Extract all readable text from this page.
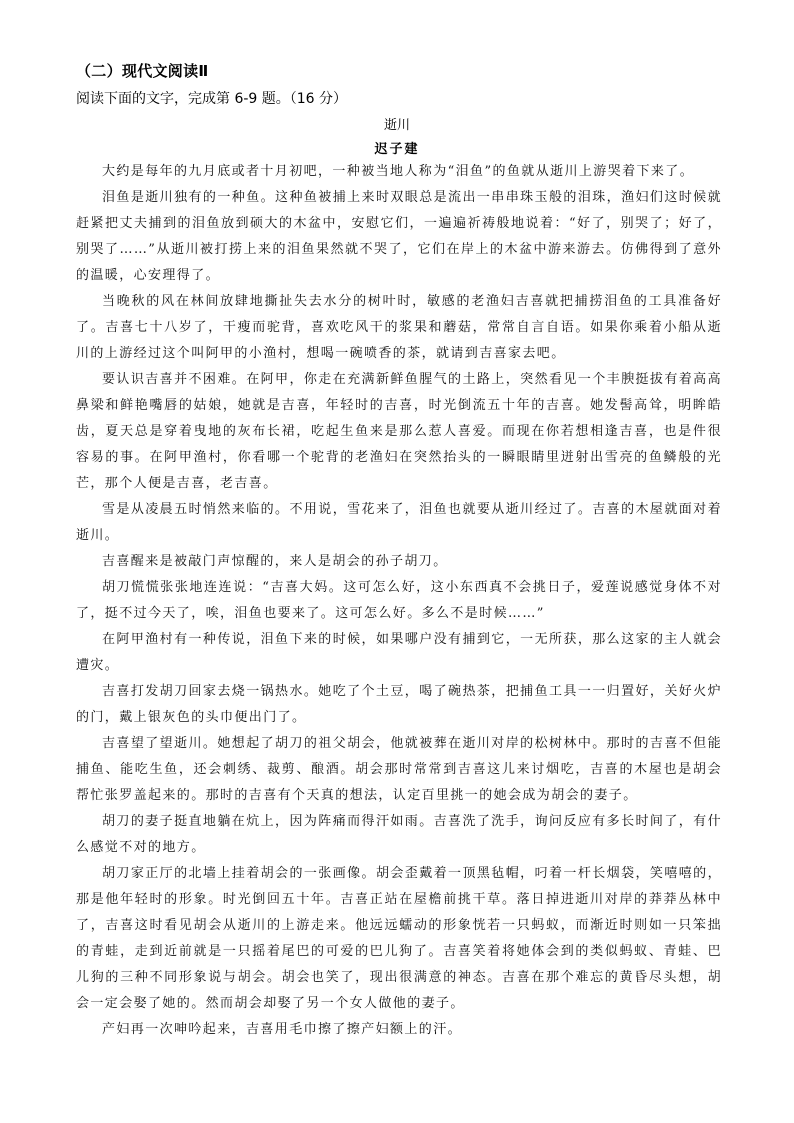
（二）现代文阅读Ⅱ
阅读下面的文字，完成第 6-9 题。（16 分）
逝川
迟子建

大约是每年的九月底或者十月初吧，一种被当地人称为“泪鱼”的鱼就从逝川上游哭着下来了。

泪鱼是逝川独有的一种鱼。这种鱼被捕上来时双眼总是流出一串串珠玉般的泪珠，渔妇们这时候就赶紧把丈夫捕到的泪鱼放到硕大的木盆中，安慰它们，一遍遍祈祷般地说着：“好了，别哭了；好了，别哭了……”从逝川被打捞上来的泪鱼果然就不哭了，它们在岸上的木盆中游来游去。仿佛得到了意外的温暖，心安理得了。

当晚秋的风在林间放肆地撕扯失去水分的树叶时，敏感的老渔妇吉喜就把捕捞泪鱼的工具准备好了。吉喜七十八岁了，干瘦而驼背，喜欢吃风干的浆果和蘑菇，常常自言自语。如果你乘着小船从逝川的上游经过这个叫阿甲的小渔村，想喝一碗喷香的茶，就请到吉喜家去吧。

要认识吉喜并不困难。在阿甲，你走在充满新鲜鱼腥气的土路上，突然看见一个丰腴挺拔有着高高鼻梁和鲜艳嘴唇的姑娘，她就是吉喜，年轻时的吉喜，时光倒流五十年的吉喜。她发髻高耸，明眸皓齿，夏天总是穿着曳地的灰布长裙，吃起生鱼来是那么惹人喜爱。而现在你若想相逢吉喜，也是件很容易的事。在阿甲渔村，你看哪一个驼背的老渔妇在突然抬头的一瞬眼睛里迸射出雪亮的鱼鳞般的光芒，那个人便是吉喜，老吉喜。

雪是从凌晨五时悄然来临的。不用说，雪花来了，泪鱼也就要从逝川经过了。吉喜的木屋就面对着逝川。

吉喜醒来是被敲门声惊醒的，来人是胡会的孙子胡刀。

胡刀慌慌张张地连连说：“吉喜大妈。这可怎么好，这小东西真不会挑日子，爱莲说感觉身体不对了，挺不过今天了，唉，泪鱼也要来了。这可怎么好。多么不是时候……”

在阿甲渔村有一种传说，泪鱼下来的时候，如果哪户没有捕到它，一无所获，那么这家的主人就会遭灾。

吉喜打发胡刀回家去烧一锅热水。她吃了个土豆，喝了碗热茶，把捕鱼工具一一归置好，关好火炉的门，戴上银灰色的头巾便出门了。

吉喜望了望逝川。她想起了胡刀的祖父胡会，他就被葬在逝川对岸的松树林中。那时的吉喜不但能捕鱼、能吃生鱼，还会刺绣、裁剪、酿酒。胡会那时常常到吉喜这儿来讨烟吃，吉喜的木屋也是胡会帮忙张罗盖起来的。那时的吉喜有个天真的想法，认定百里挑一的她会成为胡会的妻子。

胡刀的妻子挺直地躺在炕上，因为阵痛而得汗如雨。吉喜洗了洗手，询问反应有多长时间了，有什么感觉不对的地方。

胡刀家正厅的北墙上挂着胡会的一张画像。胡会歪戴着一顶黑毡帽，叼着一杆长烟袋，笑嘻嘻的，那是他年轻时的形象。时光倒回五十年。吉喜正站在屋檐前挑干草。落日掉进逝川对岸的莽莽丛林中了，吉喜这时看见胡会从逝川的上游走来。他远远蠕动的形象恍若一只蚂蚁，而渐近时则如一只笨拙的青蛙，走到近前就是一只摇着尾巴的可爱的巴儿狗了。吉喜笑着将她体会到的类似蚂蚁、青蛙、巴儿狗的三种不同形象说与胡会。胡会也笑了，现出很满意的神态。吉喜在那个难忘的黄昏尽头想，胡会一定会娶了她的。然而胡会却娶了另一个女人做他的妻子。

产妇再一次呻吟起来，吉喜用毛巾擦了擦产妇额上的汗。
